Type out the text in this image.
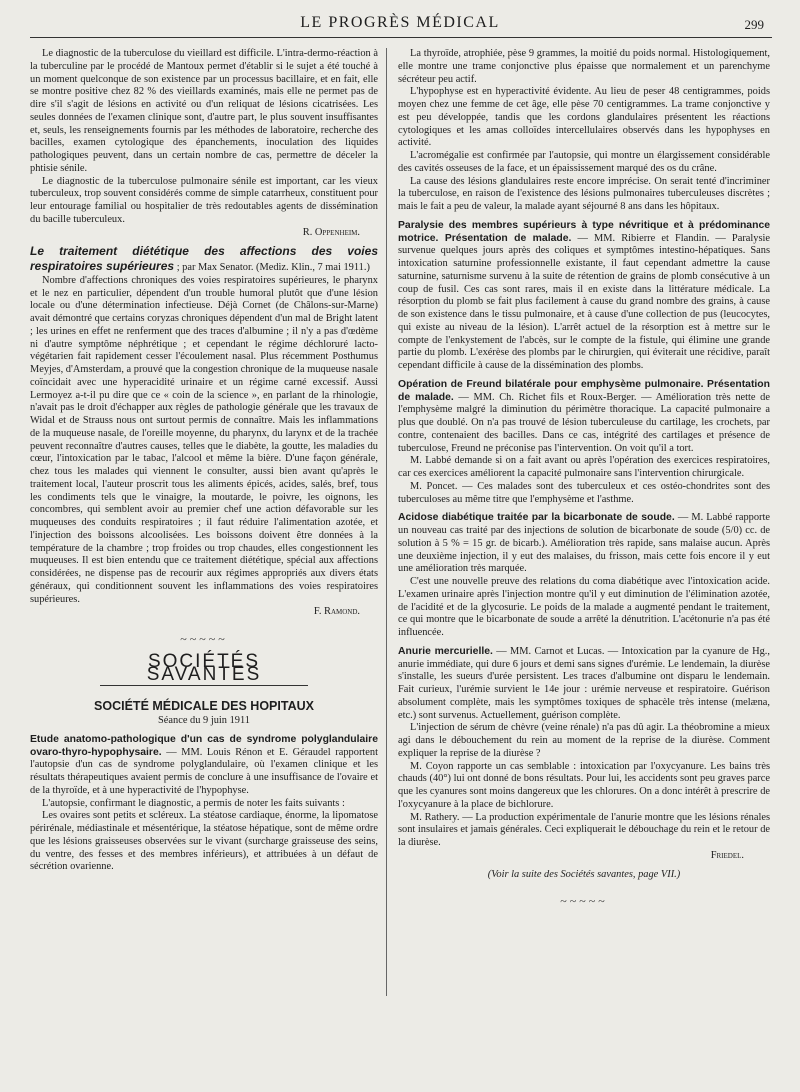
LE PROGRÈS MÉDICAL	299

Le diagnostic de la tuberculose du vieillard est difficile. L'intra-dermo-réaction à la tuberculine par le procédé de Mantoux permet d'établir si le sujet a été touché à un moment quelconque de son existence par un processus bacillaire, et en fait, elle se montre positive chez 82 % des vieillards examinés, mais elle ne permet pas de dire s'il s'agit de lésions en activité ou d'un reliquat de lésions cicatrisées. Les seules données de l'examen clinique sont, d'autre part, le plus souvent insuffisantes et, seuls, les renseignements fournis par les méthodes de laboratoire, recherche des bacilles, examen cytologique des épanchements, inoculation des liquides pathologiques peuvent, dans un certain nombre de cas, permettre de déceler la phtisie sénile.

Le diagnostic de la tuberculose pulmonaire sénile est important, car les vieux tuberculeux, trop souvent considérés comme de simple catarrheux, constituent pour leur entourage familial ou hospitalier de très redoutables agents de dissémination du bacille tuberculeux.

R. Oppenheim.
Le traitement diététique des affections des voies respiratoires supérieures ; par Max Senator. (Mediz. Klin., 7 mai 1911.)

Nombre d'affections chroniques des voies respiratoires supérieures, le pharynx et le nez en particulier, dépendent d'un trouble humoral plutôt que d'une lésion locale ou d'une détermination infectieuse. Déjà Cornet (de Châlons-sur-Marne) avait démontré que certains coryzas chroniques dépendent d'un mal de Bright latent ; les urines en effet ne renferment que des traces d'albumine ; il n'y a pas d'œdème ni d'autre symptôme néphrétique ; et cependant le régime déchloruré lacto-végétarien fait rapidement cesser l'écoulement nasal. Plus récemment Posthumus Meyjes, d'Amsterdam, a prouvé que la congestion chronique de la muqueuse nasale coïncidait avec une hyperacidité urinaire et un régime carné excessif. Aussi Lermoyez a-t-il pu dire que ce « coin de la science », en parlant de la rhinologie, n'avait pas le droit d'échapper aux règles de pathologie générale que les travaux de Widal et de Strauss nous ont surtout permis de connaître. Mais les inflammations de la muqueuse nasale, de l'oreille moyenne, du pharynx, du larynx et de la trachée peuvent reconnaître d'autres causes, telles que le diabète, la goutte, les maladies du cœur, l'intoxication par le tabac, l'alcool et même la bière. D'une façon générale, chez tous les malades qui viennent le consulter, aussi bien avant qu'après le traitement local, l'auteur proscrit tous les aliments épicés, acides, salés, bref, tous les condiments tels que le vinaigre, la moutarde, le poivre, les oignons, les concombres, qui semblent avoir au premier chef une action défavorable sur les muqueuses des conduits respiratoires ; il faut réduire l'alimentation azotée, et l'injection des boissons alcoolisées. Les boissons doivent être données à la température de la chambre ; trop froides ou trop chaudes, elles congestionnent les muqueuses. Il est bien entendu que ce traitement diététique, spécial aux affections considérées, ne dispense pas de recourir aux régimes appropriés aux divers états généraux, qui conditionnent souvent les inflammations des voies respiratoires supérieures.

F. Ramond.
~~~~~
SOCIÉTÉS SAVANTES
SOCIÉTÉ MÉDICALE DES HOPITAUX
Séance du 9 juin 1911
Etude anatomo-pathologique d'un cas de syndrome polyglandulaire ovaro-thyro-hypophysaire. — MM. Louis Rénon et E. Géraudel rapportent l'autopsie d'un cas de syndrome polyglandulaire, où l'examen clinique et les résultats thérapeutiques avaient permis de conclure à une insuffisance de l'ovaire et de la thyroïde, et à une hyperactivité de l'hypophyse.

L'autopsie, confirmant le diagnostic, a permis de noter les faits suivants :

Les ovaires sont petits et scléreux. La stéatose cardiaque, énorme, la lipomatose périrénale, médiastinale et mésentérique, la stéatose hépatique, sont de même ordre que les lésions graisseuses observées sur le vivant (surcharge graisseuse des seins, du ventre, des fesses et des membres inférieurs), et attribuées à un défaut de sécrétion ovarienne.

La thyroïde, atrophiée, pèse 9 grammes, la moitié du poids normal. Histologiquement, elle montre une trame conjonctive plus épaisse que normalement et un parenchyme sécréteur peu actif.

L'hypophyse est en hyperactivité évidente. Au lieu de peser 48 centigrammes, poids moyen chez une femme de cet âge, elle pèse 70 centigrammes. La trame conjonctive y est peu développée, tandis que les cordons glandulaires présentent les réactions cytologiques et les amas colloïdes intercellulaires observés dans les hypophyses en activité.

L'acromégalie est confirmée par l'autopsie, qui montre un élargissement considérable des cavités osseuses de la face, et un épaississement marqué des os du crâne.

La cause des lésions glandulaires reste encore imprécise. On serait tenté d'incriminer la tuberculose, en raison de l'existence des lésions pulmonaires tuberculeuses discrètes ; mais le fait a peu de valeur, la malade ayant séjourné 8 ans dans les hôpitaux.

Paralysie des membres supérieurs à type névritique et à prédominance motrice. Présentation de malade. — MM. Ribierre et Flandin. — Paralysie survenue quelques jours après des coliques et symptômes intestino-hépatiques. Sans intoxication saturnine professionnelle existante, il faut cependant admettre la cause saturnine, saturnisme survenu à la suite de rétention de grains de plomb consécutive à un coup de fusil. Ces cas sont rares, mais il en existe dans la littérature médicale. La résorption du plomb se fait plus facilement à cause du grand nombre des grains, à cause de son existence dans le tissu pulmonaire, et à cause d'une collection de pus (leucocytes, qui existe au niveau de la lésion). L'arrêt actuel de la résorption est à mettre sur le compte de l'enkystement de l'abcès, sur le compte de la fistule, qui élimine une grande partie du plomb. L'exérèse des plombs par le chirurgien, qui éviterait une récidive, paraît cependant difficile à cause de la dissémination des plombs.
Opération de Freund bilatérale pour emphysème pulmonaire. Présentation de malade. — MM. Ch. Richet fils et Roux-Berger. — Amélioration très nette de l'emphysème malgré la diminution du périmètre thoracique. La capacité pulmonaire a plus que doublé. On n'a pas trouvé de lésion tuberculeuse du cartilage, les crochets, par contre, contenaient des bacilles. Dans ce cas, intégrité des cartilages et présence de tuberculose, Freund ne préconise pas l'intervention. On voit qu'il a tort.

M. Labbé demande si on a fait avant ou après l'opération des exercices respiratoires, car ces exercices améliorent la capacité pulmonaire sans l'intervention chirurgicale.

M. Poncet. — Ces malades sont des tuberculeux et ces ostéo-chondrites sont des tuberculoses au même titre que l'emphysème et l'asthme.

Acidose diabétique traitée par la bicarbonate de soude. — M. Labbé rapporte un nouveau cas traité par des injections de solution de bicarbonate de soude (5/0) cc. de solution à 5 % = 15 gr. de bicarb.). Amélioration très rapide, sans malaise aucun. Après une deuxième injection, il y eut des malaises, du frisson, mais cette fois encore il y eut une amélioration très marquée.

C'est une nouvelle preuve des relations du coma diabétique avec l'intoxication acide. L'examen urinaire après l'injection montre qu'il y eut diminution de l'élimination azotée, de l'acidité et de la glycosurie. Le poids de la malade a augmenté pendant le traitement, ce qui montre que le bicarbonate de soude a arrêté la dénutrition. L'acétonurie n'a pas été influencée.

Anurie mercurielle. — MM. Carnot et Lucas. — Intoxication par la cyanure de Hg., anurie immédiate, qui dure 6 jours et demi sans signes d'urémie. Le lendemain, la diurèse s'installe, les sueurs d'urée persistent. Les traces d'albumine ont disparu le lendemain. Fait curieux, l'urémie survient le 14e jour : urémie nerveuse et respiratoire. Guérison absolument complète, mais les symptômes toxiques de sphacèle très intense (melæna, etc.) sont survenus. Actuellement, guérison complète.

L'injection de sérum de chèvre (veine rénale) n'a pas dû agir. La théobromine a mieux agi dans le débouchement du rein au moment de la reprise de la diurèse. Comment expliquer la reprise de la diurèse ?

M. Coyon rapporte un cas semblable : intoxication par l'oxycyanure. Les bains très chauds (40°) lui ont donné de bons résultats. Pour lui, les accidents sont peu graves parce que les cyanures sont moins dangereux que les chlorures. On a donc intérêt à prescrire de l'oxycyanure à la place de bichlorure.

M. Rathery. — La production expérimentale de l'anurie montre que les lésions rénales sont insulaires et jamais générales. Ceci expliquerait le débouchage du rein et le retour de la diurèse.

Friedel.
(Voir la suite des Sociétés savantes, page VII.)
~~~~~
